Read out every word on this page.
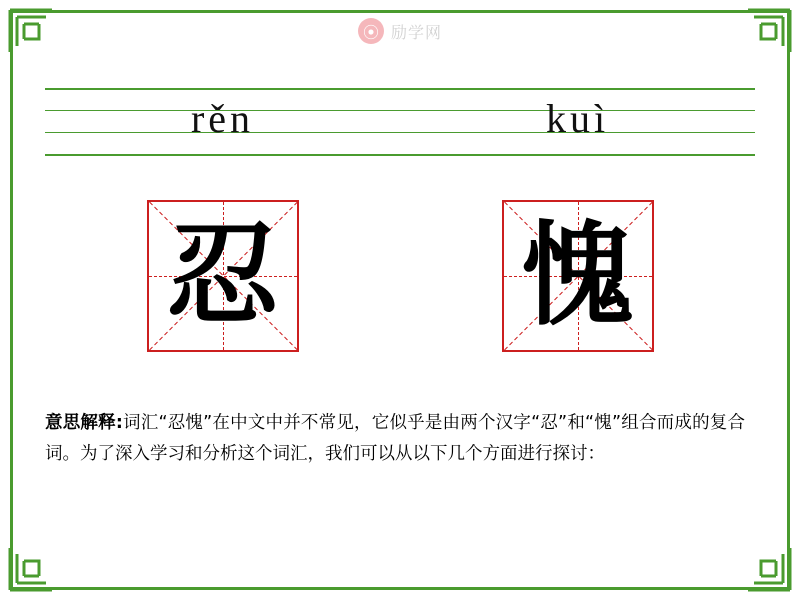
⦿ 励学网
rěn	kuì
忍 愧
意思解释:词汇“忍愧”在中文中并不常见，它似乎是由两个汉字“忍”和“愧”组合而成的复合词。为了深入学习和分析这个词汇，我们可以从以下几个方面进行探讨：
